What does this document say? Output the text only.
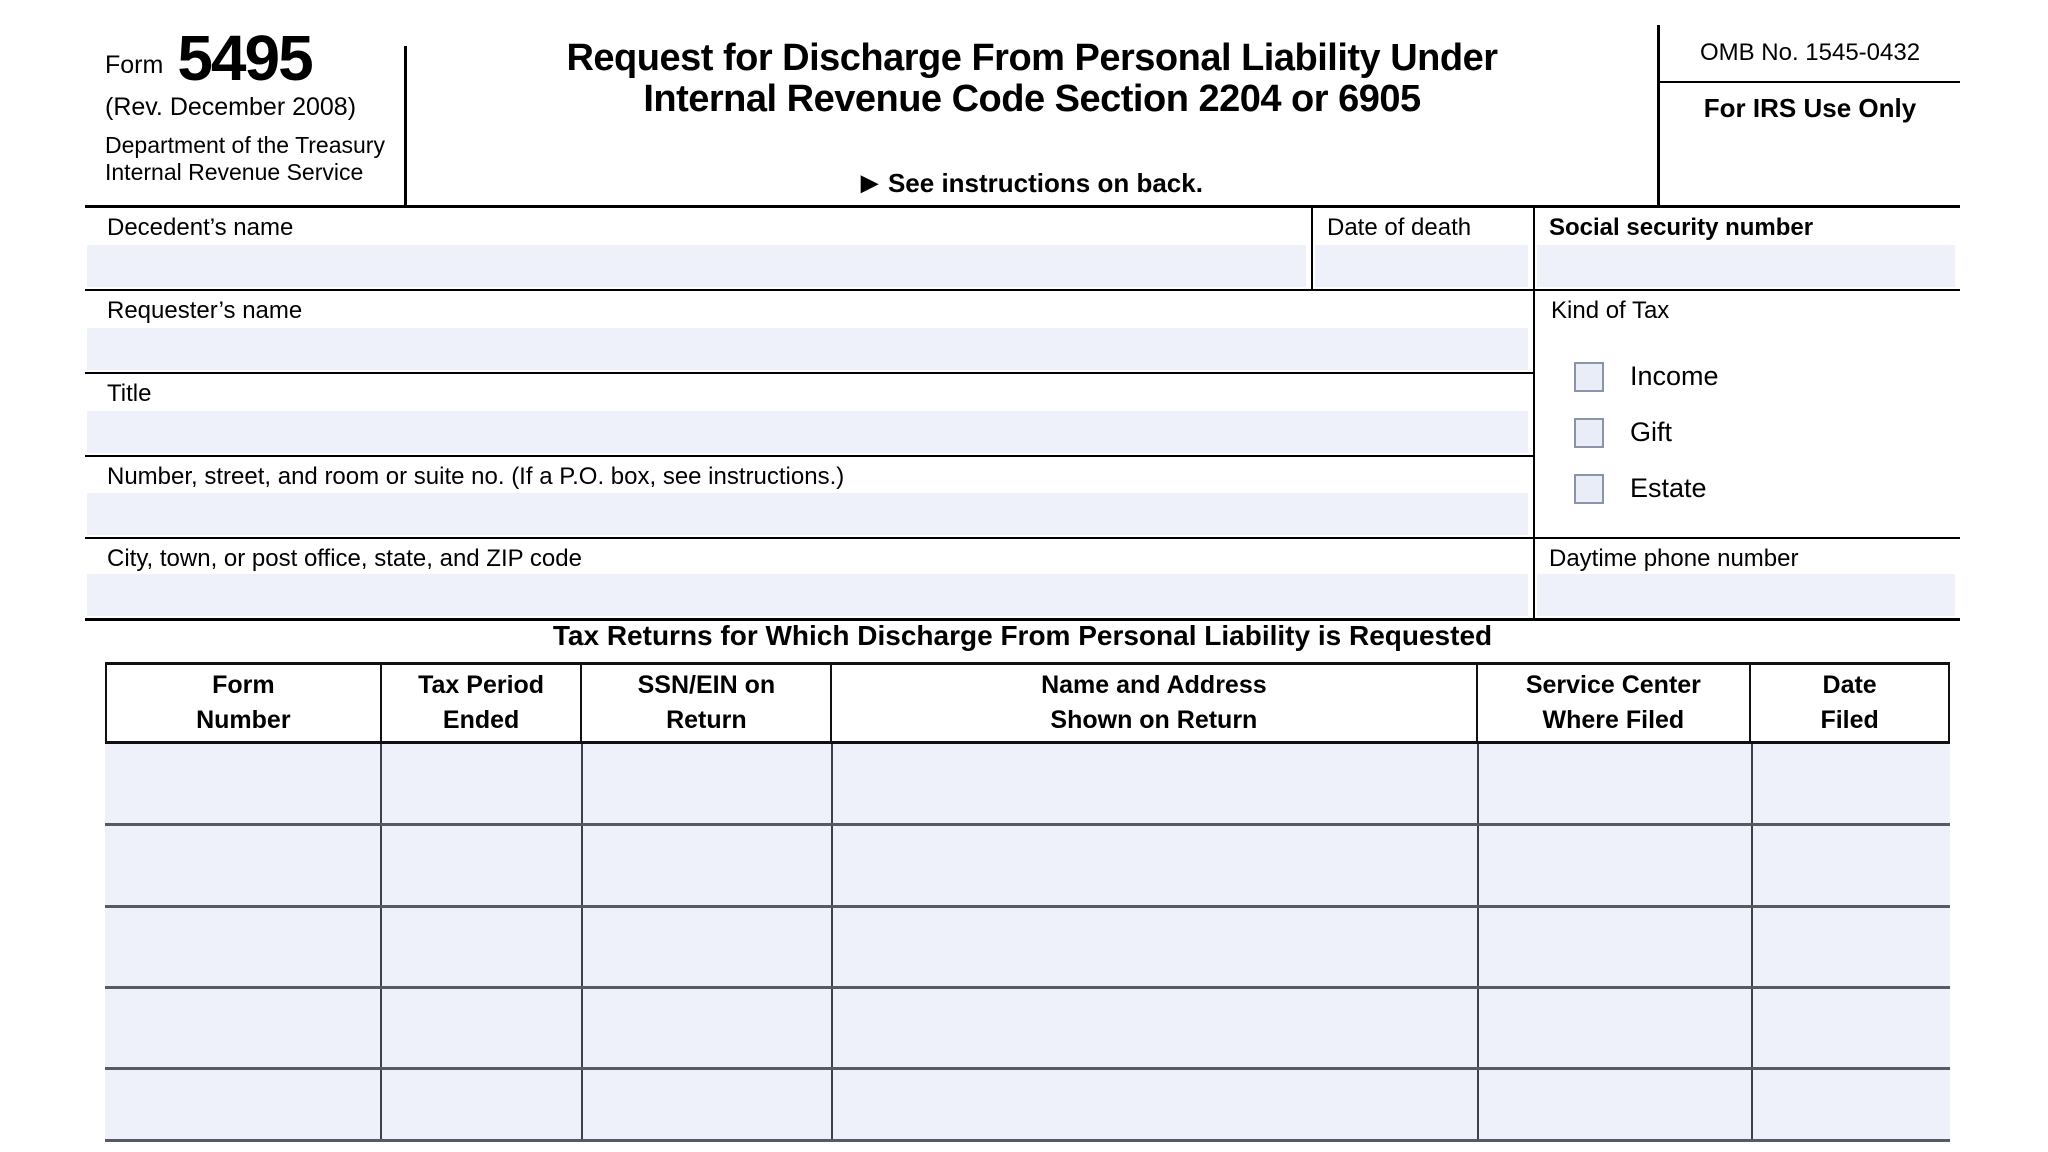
Form 5495
(Rev. December 2008)
Department of the Treasury
Internal Revenue Service
Request for Discharge From Personal Liability Under
Internal Revenue Code Section 2204 or 6905
▶ See instructions on back.
OMB No. 1545-0432
For IRS Use Only
Decedent’s name	Date of death	Social security number
Requester’s name
Title
Number, street, and room or suite no. (If a P.O. box, see instructions.)
City, town, or post office, state, and ZIP code
Kind of Tax
Income
Gift
Estate
Daytime phone number
Tax Returns for Which Discharge From Personal Liability is Requested
Form
Number
Tax Period
Ended
SSN/EIN on
Return
Name and Address
Shown on Return
Service Center
Where Filed
Date
Filed
